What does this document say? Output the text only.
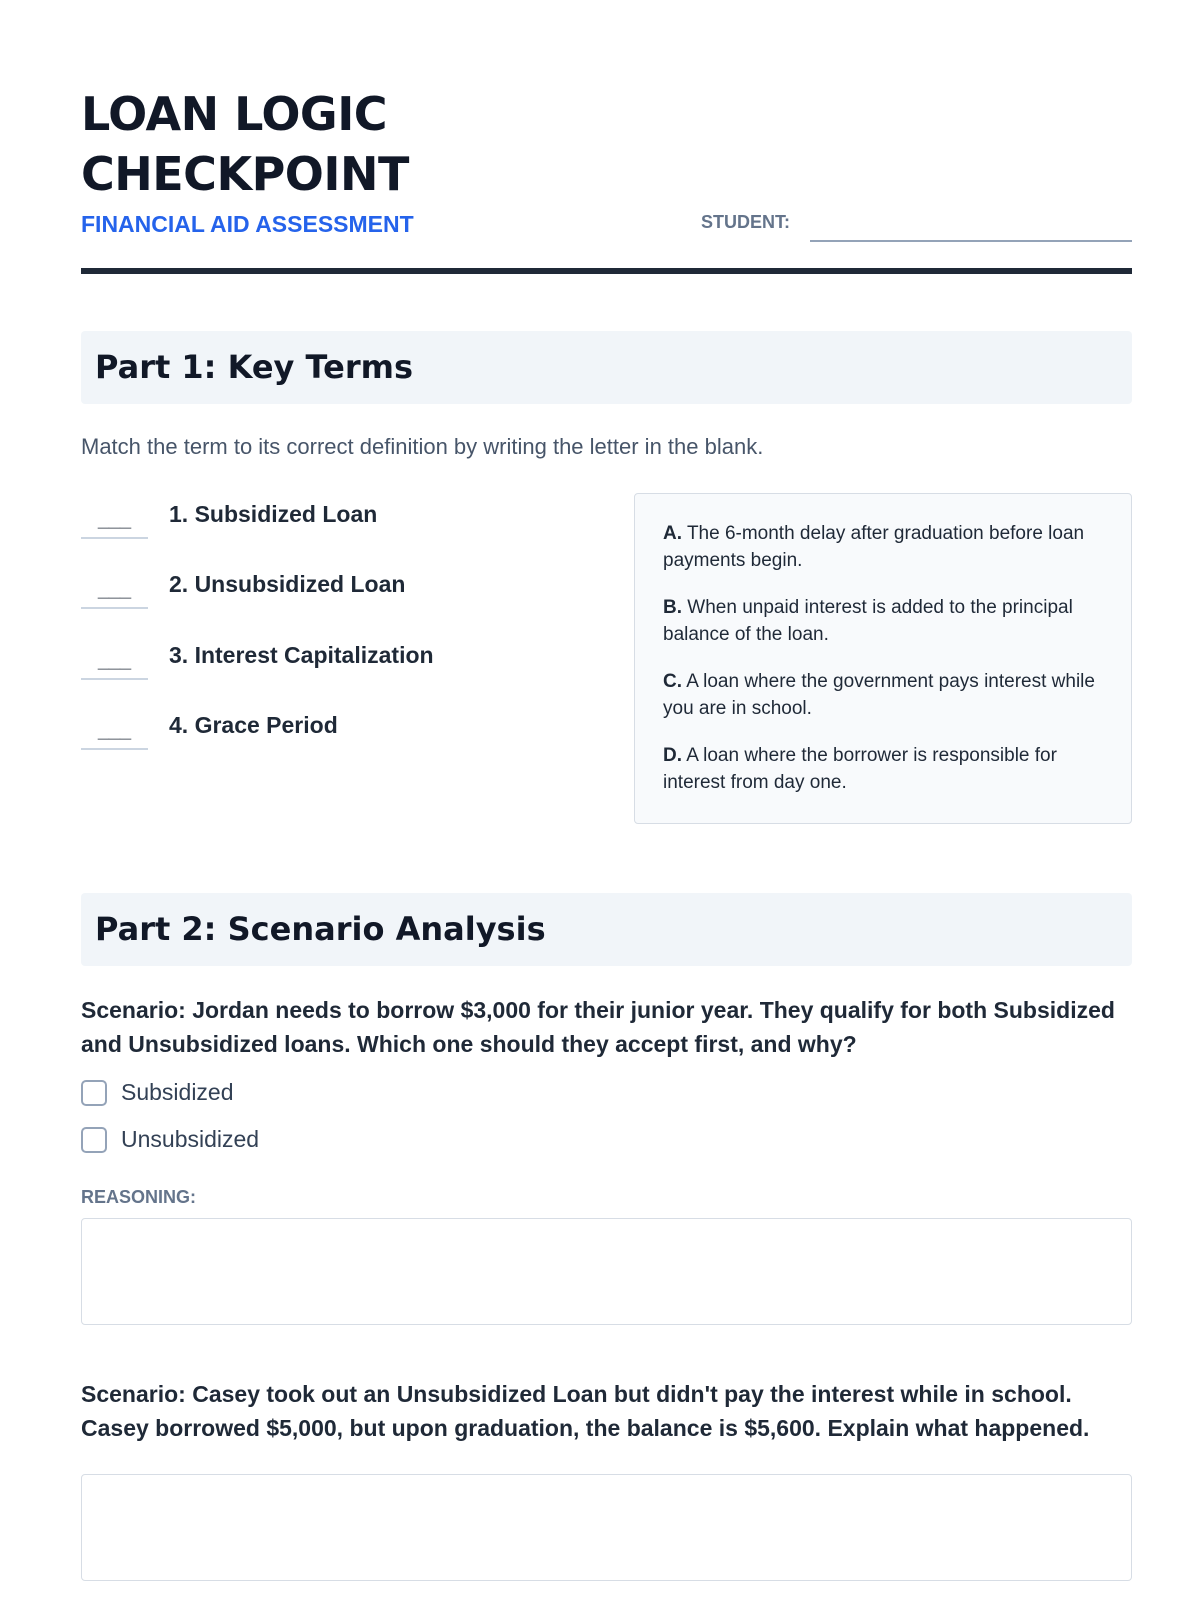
LOAN LOGIC
CHECKPOINT
FINANCIAL AID ASSESSMENT	STUDENT:
Part 1: Key Terms
Match the term to its correct definition by writing the letter in the blank.
___	1. Subsidized Loan
___	2. Unsubsidized Loan
___	3. Interest Capitalization
___	4. Grace Period
A. The 6-month delay after graduation before loan payments begin.
B. When unpaid interest is added to the principal balance of the loan.
C. A loan where the government pays interest while you are in school.
D. A loan where the borrower is responsible for interest from day one.
Part 2: Scenario Analysis
Scenario: Jordan needs to borrow $3,000 for their junior year. They qualify for both Subsidized and Unsubsidized loans. Which one should they accept first, and why?
Subsidized
Unsubsidized
REASONING:
Scenario: Casey took out an Unsubsidized Loan but didn't pay the interest while in school. Casey borrowed $5,000, but upon graduation, the balance is $5,600. Explain what happened.
